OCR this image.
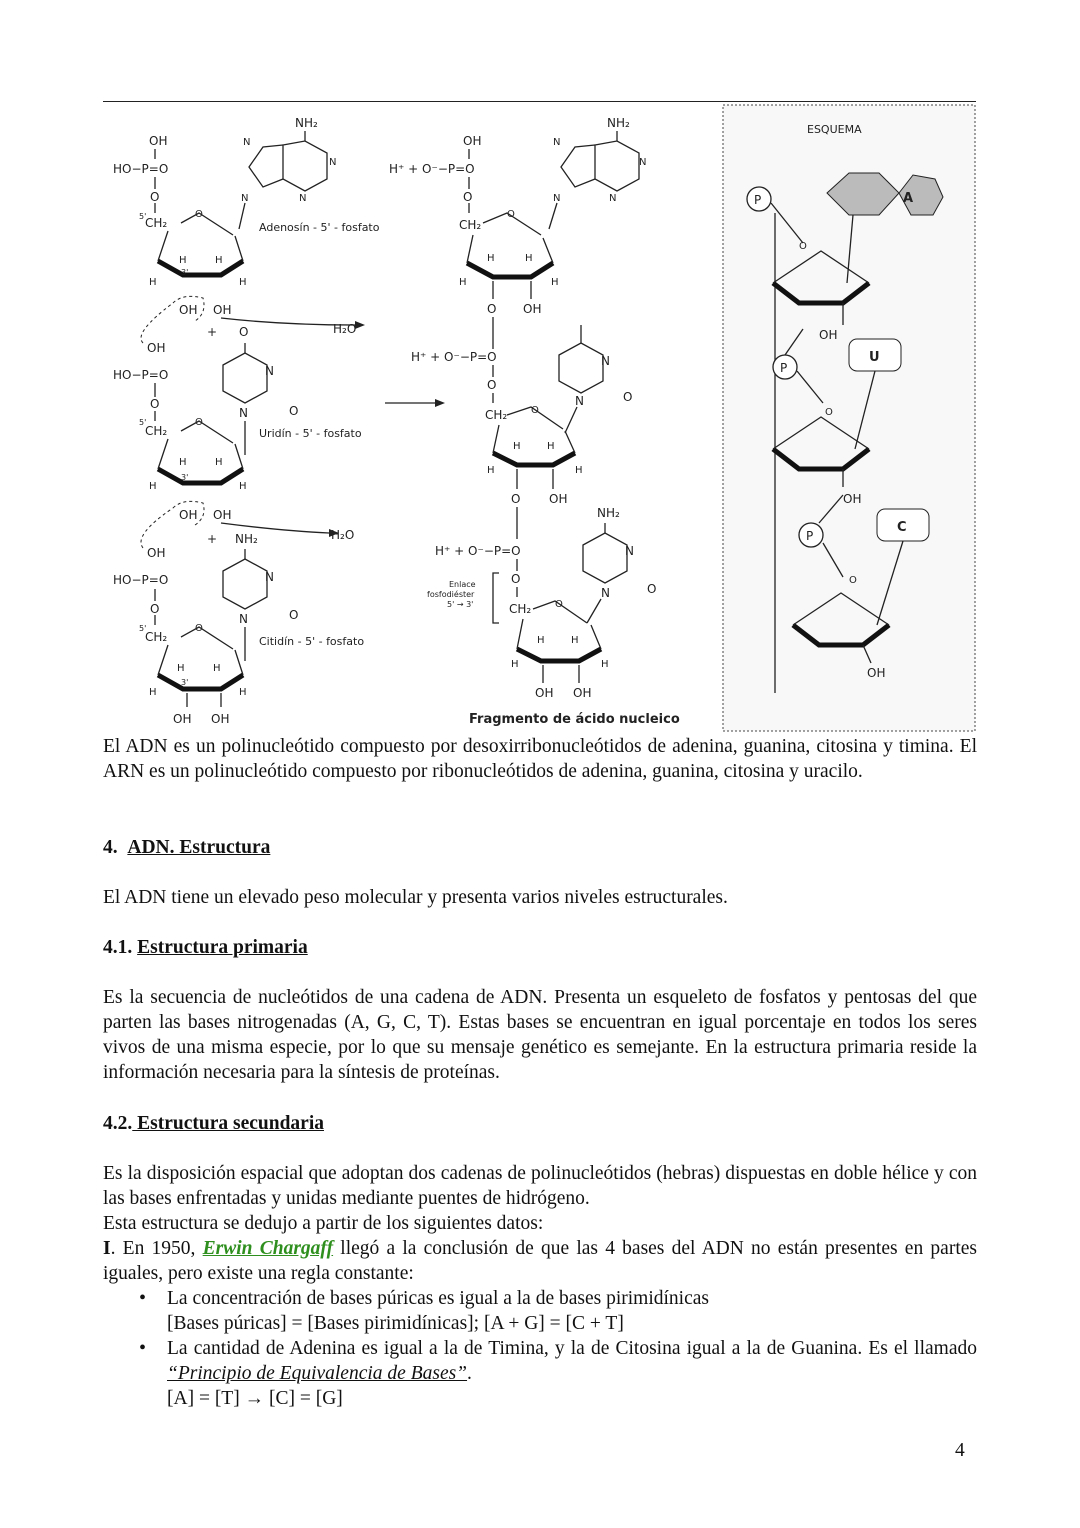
OH
HO−P=O
O
5'
CH₂
O
H	H
3'
H	H
OH OH
NH₂
N
N
N	N
Adenosín - 5' - fosfato
+ O	H₂O
OH
HO−P=O
O
5'
CH₂
O
H	H
3'
H	H
OH OH
N
N	O
Uridín - 5' - fosfato
+ NH₂	H₂O
OH
HO−P=O
O
5'
CH₂
O
H	H
3'
H	H
OH OH
N
N	O
Citidín - 5' - fosfato
OH
H⁺ + O⁻−P=O
O
CH₂
O
H	H
H	H
O OH
NH₂
N
N
N	N
H⁺ + O⁻−P=O
O
CH₂ O
H	H
H	H
O OH
N
N	O
NH₂
H⁺ + O⁻−P=O
O
CH₂ O
H	H
H	H
OH OH
N
N	O
Enlace
fosfodiéster
5' → 3'
Fragmento de ácido nucleico
ESQUEMA
P
O
A
OH
P
O
U
OH
P
O
C
OH

El ADN es un polinucleótido compuesto por desoxirribonucleótidos de adenina, guanina, citosina y timina. El ARN es un polinucleótido compuesto por ribonucleótidos de adenina, guanina, citosina y uracilo.

4. ADN. Estructura

El ADN tiene un elevado peso molecular y presenta varios niveles estructurales.

4.1. Estructura primaria

Es la secuencia de nucleótidos de una cadena de ADN. Presenta un esqueleto de fosfatos y pentosas del que parten las bases nitrogenadas (A, G, C, T). Estas bases se encuentran en igual porcentaje en todos los seres vivos de una misma especie, por lo que su mensaje genético es semejante. En la estructura primaria reside la información necesaria para la síntesis de proteínas.

4.2. Estructura secundaria

Es la disposición espacial que adoptan dos cadenas de polinucleótidos (hebras) dispuestas en doble hélice y con las bases enfrentadas y unidas mediante puentes de hidrógeno.

Esta estructura se dedujo a partir de los siguientes datos:

I. En 1950, Erwin Chargaff llegó a la conclusión de que las 4 bases del ADN no están presentes en partes iguales, pero existe una regla constante:

• La concentración de bases púricas es igual a la de bases pirimidínicas

[Bases púricas] = [Bases pirimidínicas]; [A + G] = [C + T]

• La cantidad de Adenina es igual a la de Timina, y la de Citosina igual a la de Guanina. Es el llamado “Principio de Equivalencia de Bases”.

[A] = [T] → [C] = [G]

4
